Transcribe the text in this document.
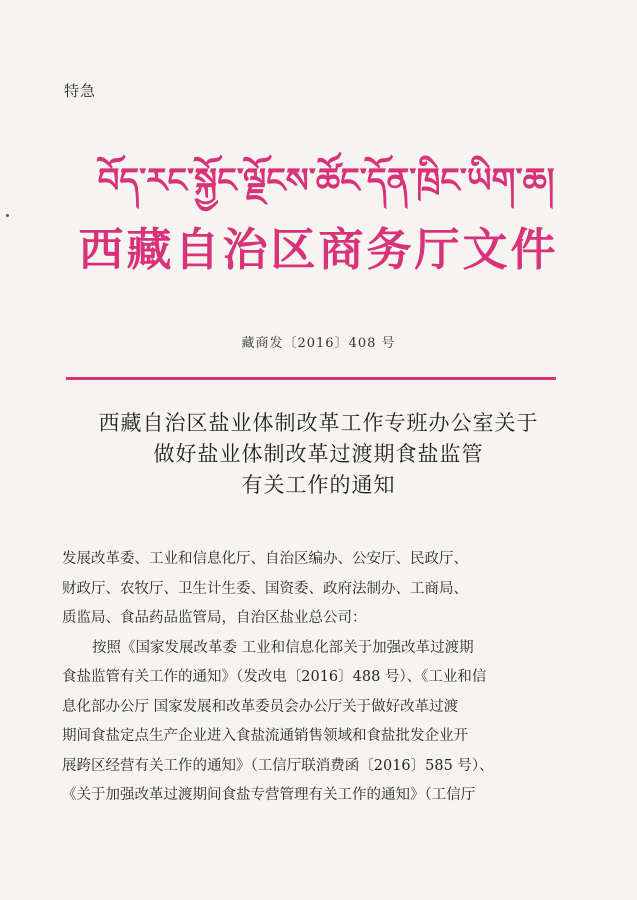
特急
བོད་རང་སྐྱོང་ལྗོངས་ཚོང་དོན་ཁྲིང་ཡིག་ཆ།
西藏自治区商务厅文件
藏商发〔2016〕408 号
西藏自治区盐业体制改革工作专班办公室关于
做好盐业体制改革过渡期食盐监管
有关工作的通知
发展改革委、工业和信息化厅、自治区编办、公安厅、民政厅、
财政厅、农牧厅、卫生计生委、国资委、政府法制办、工商局、
质监局、食品药品监管局，自治区盐业总公司：
按照《国家发展改革委 工业和信息化部关于加强改革过渡期
食盐监管有关工作的通知》（发改电〔2016〕488 号）、《工业和信
息化部办公厅 国家发展和改革委员会办公厅关于做好改革过渡
期间食盐定点生产企业进入食盐流通销售领域和食盐批发企业开
展跨区经营有关工作的通知》（工信厅联消费函〔2016〕585 号）、
《关于加强改革过渡期间食盐专营管理有关工作的通知》（工信厅
